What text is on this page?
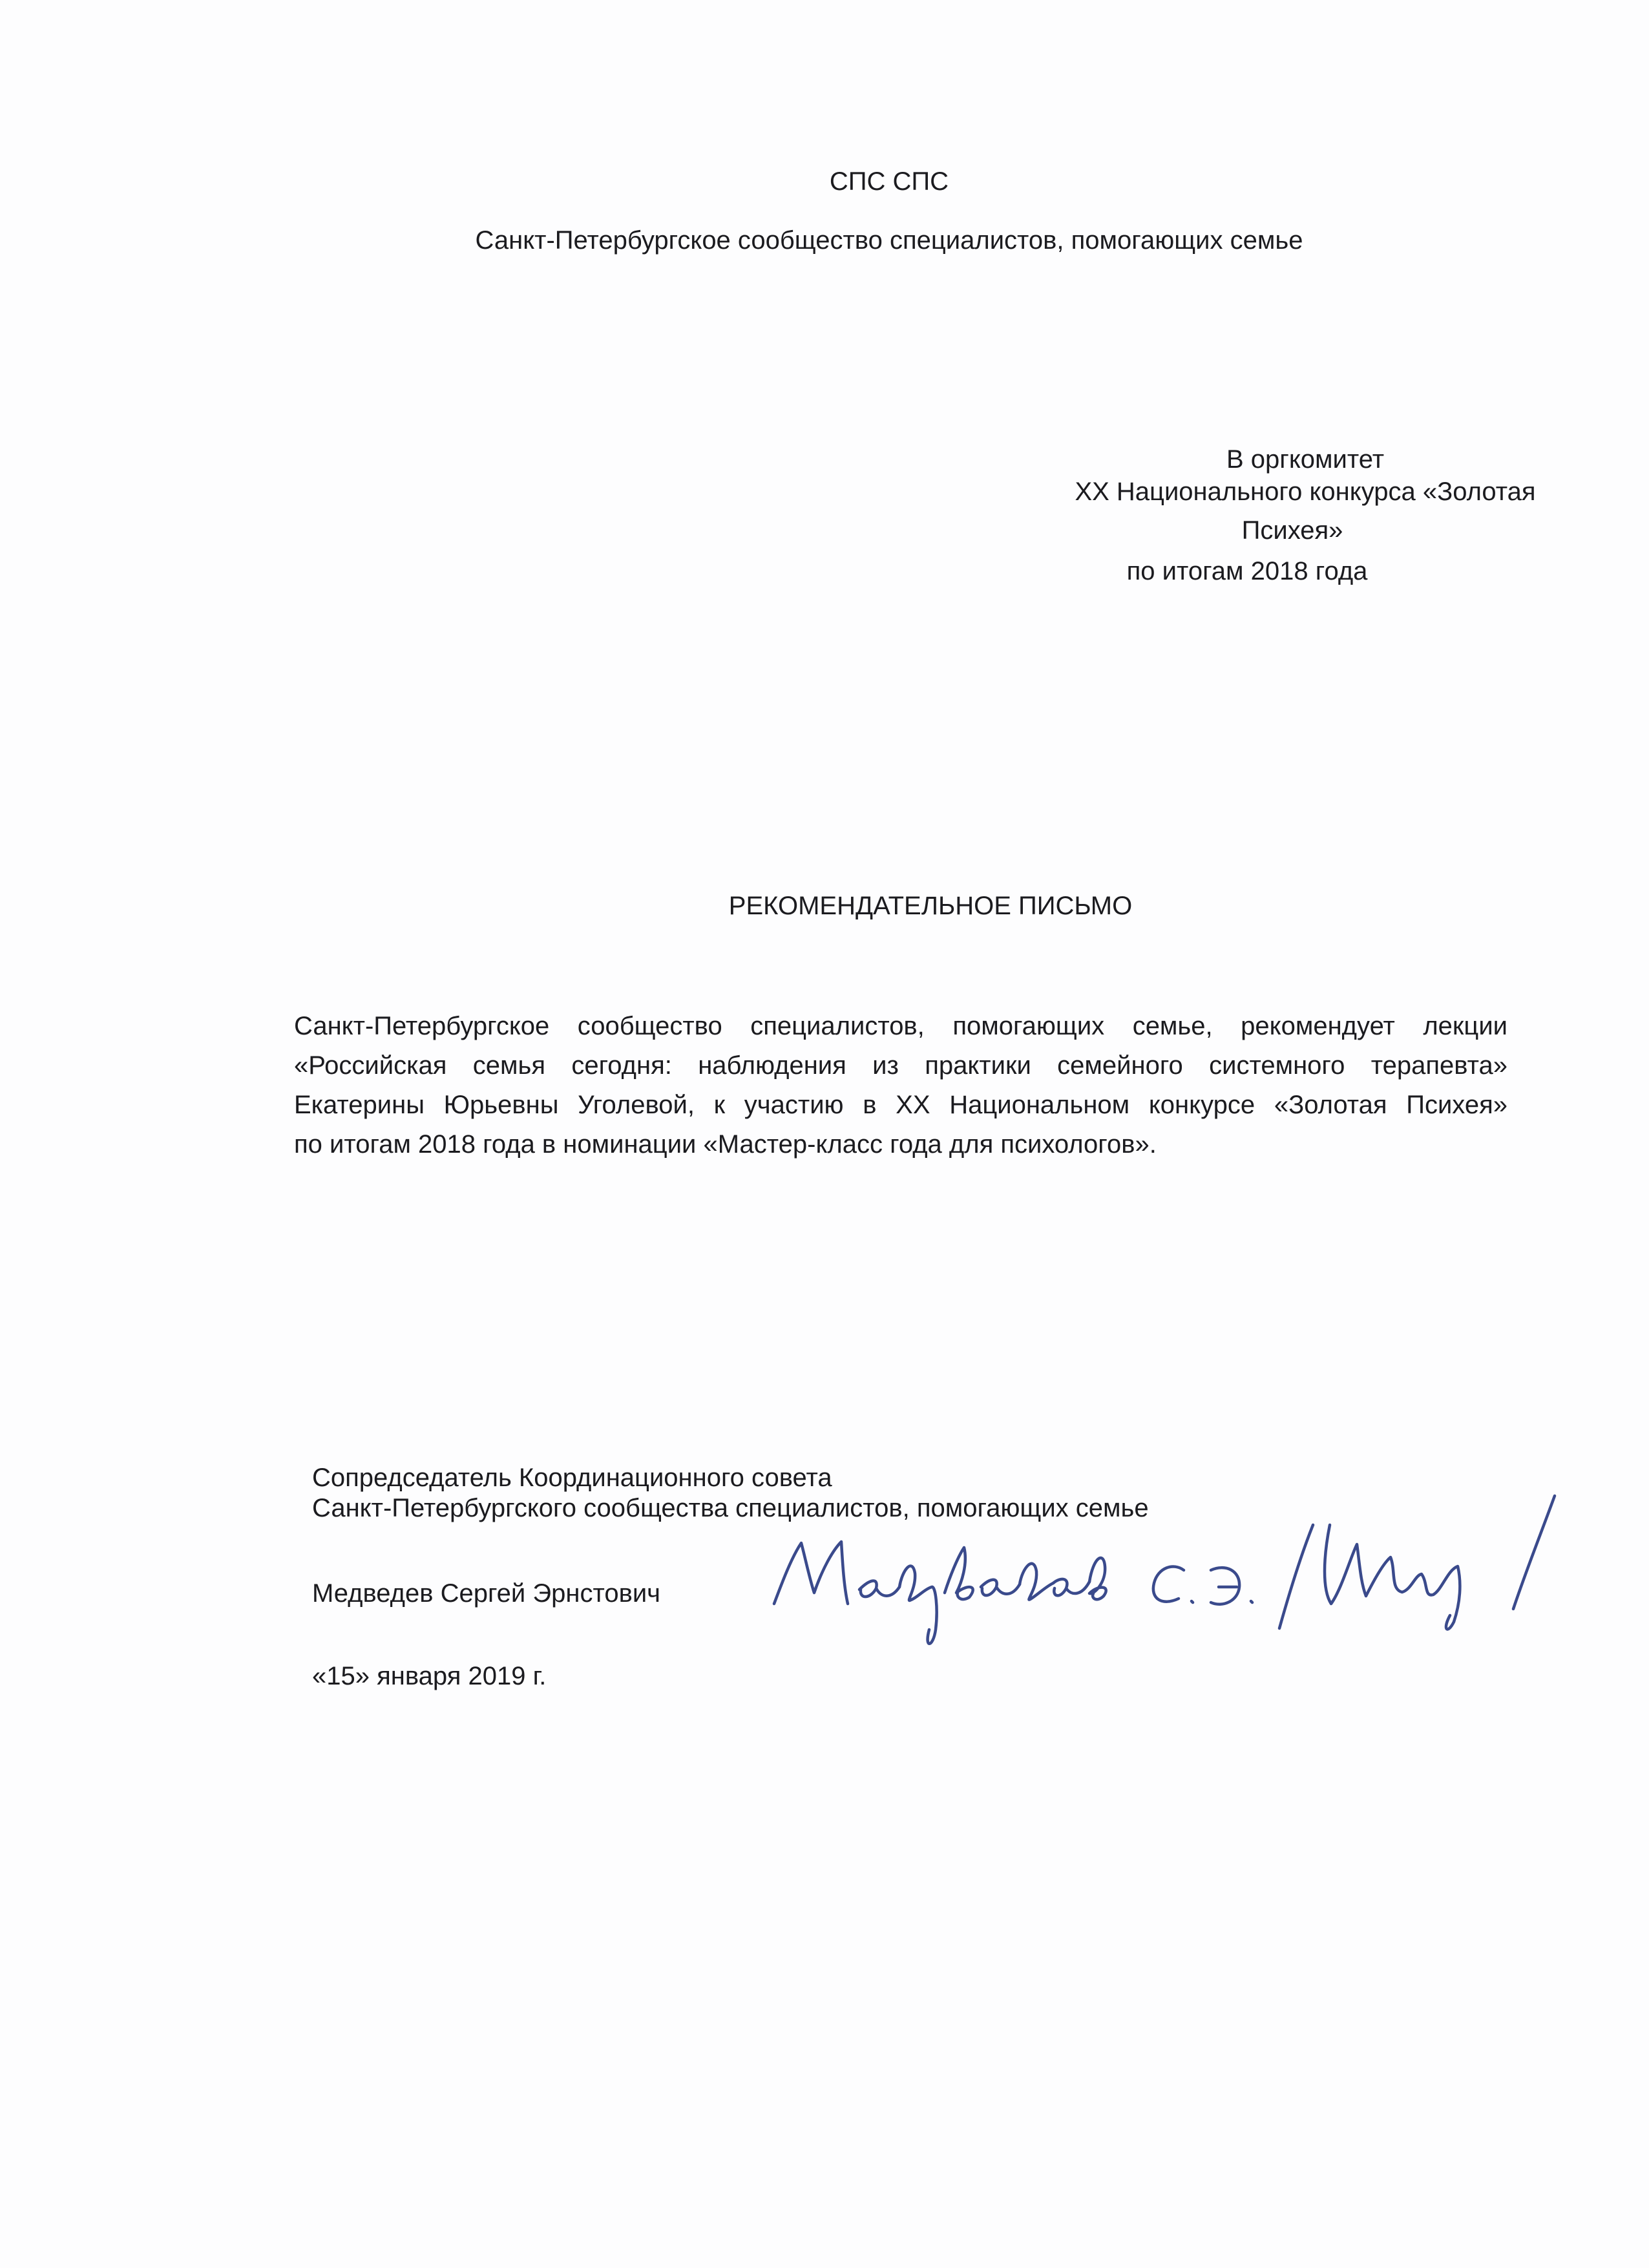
СПС СПС
Санкт-Петербургское сообщество специалистов, помогающих семье
В оргкомитет
XX Национального конкурса «Золотая
Психея»
по итогам 2018 года
РЕКОМЕНДАТЕЛЬНОЕ ПИСЬМО
Санкт-Петербургское сообщество специалистов, помогающих семье, рекомендует лекции
«Российская семья сегодня: наблюдения из практики семейного системного терапевта»
Екатерины Юрьевны Уголевой, к участию в XX Национальном конкурсе «Золотая Психея»
по итогам 2018 года в номинации «Мастер-класс года для психологов».
Сопредседатель Координационного совета
Санкт-Петербургского сообщества специалистов, помогающих семье
Медведев Сергей Эрнстович
«15» января 2019 г.
